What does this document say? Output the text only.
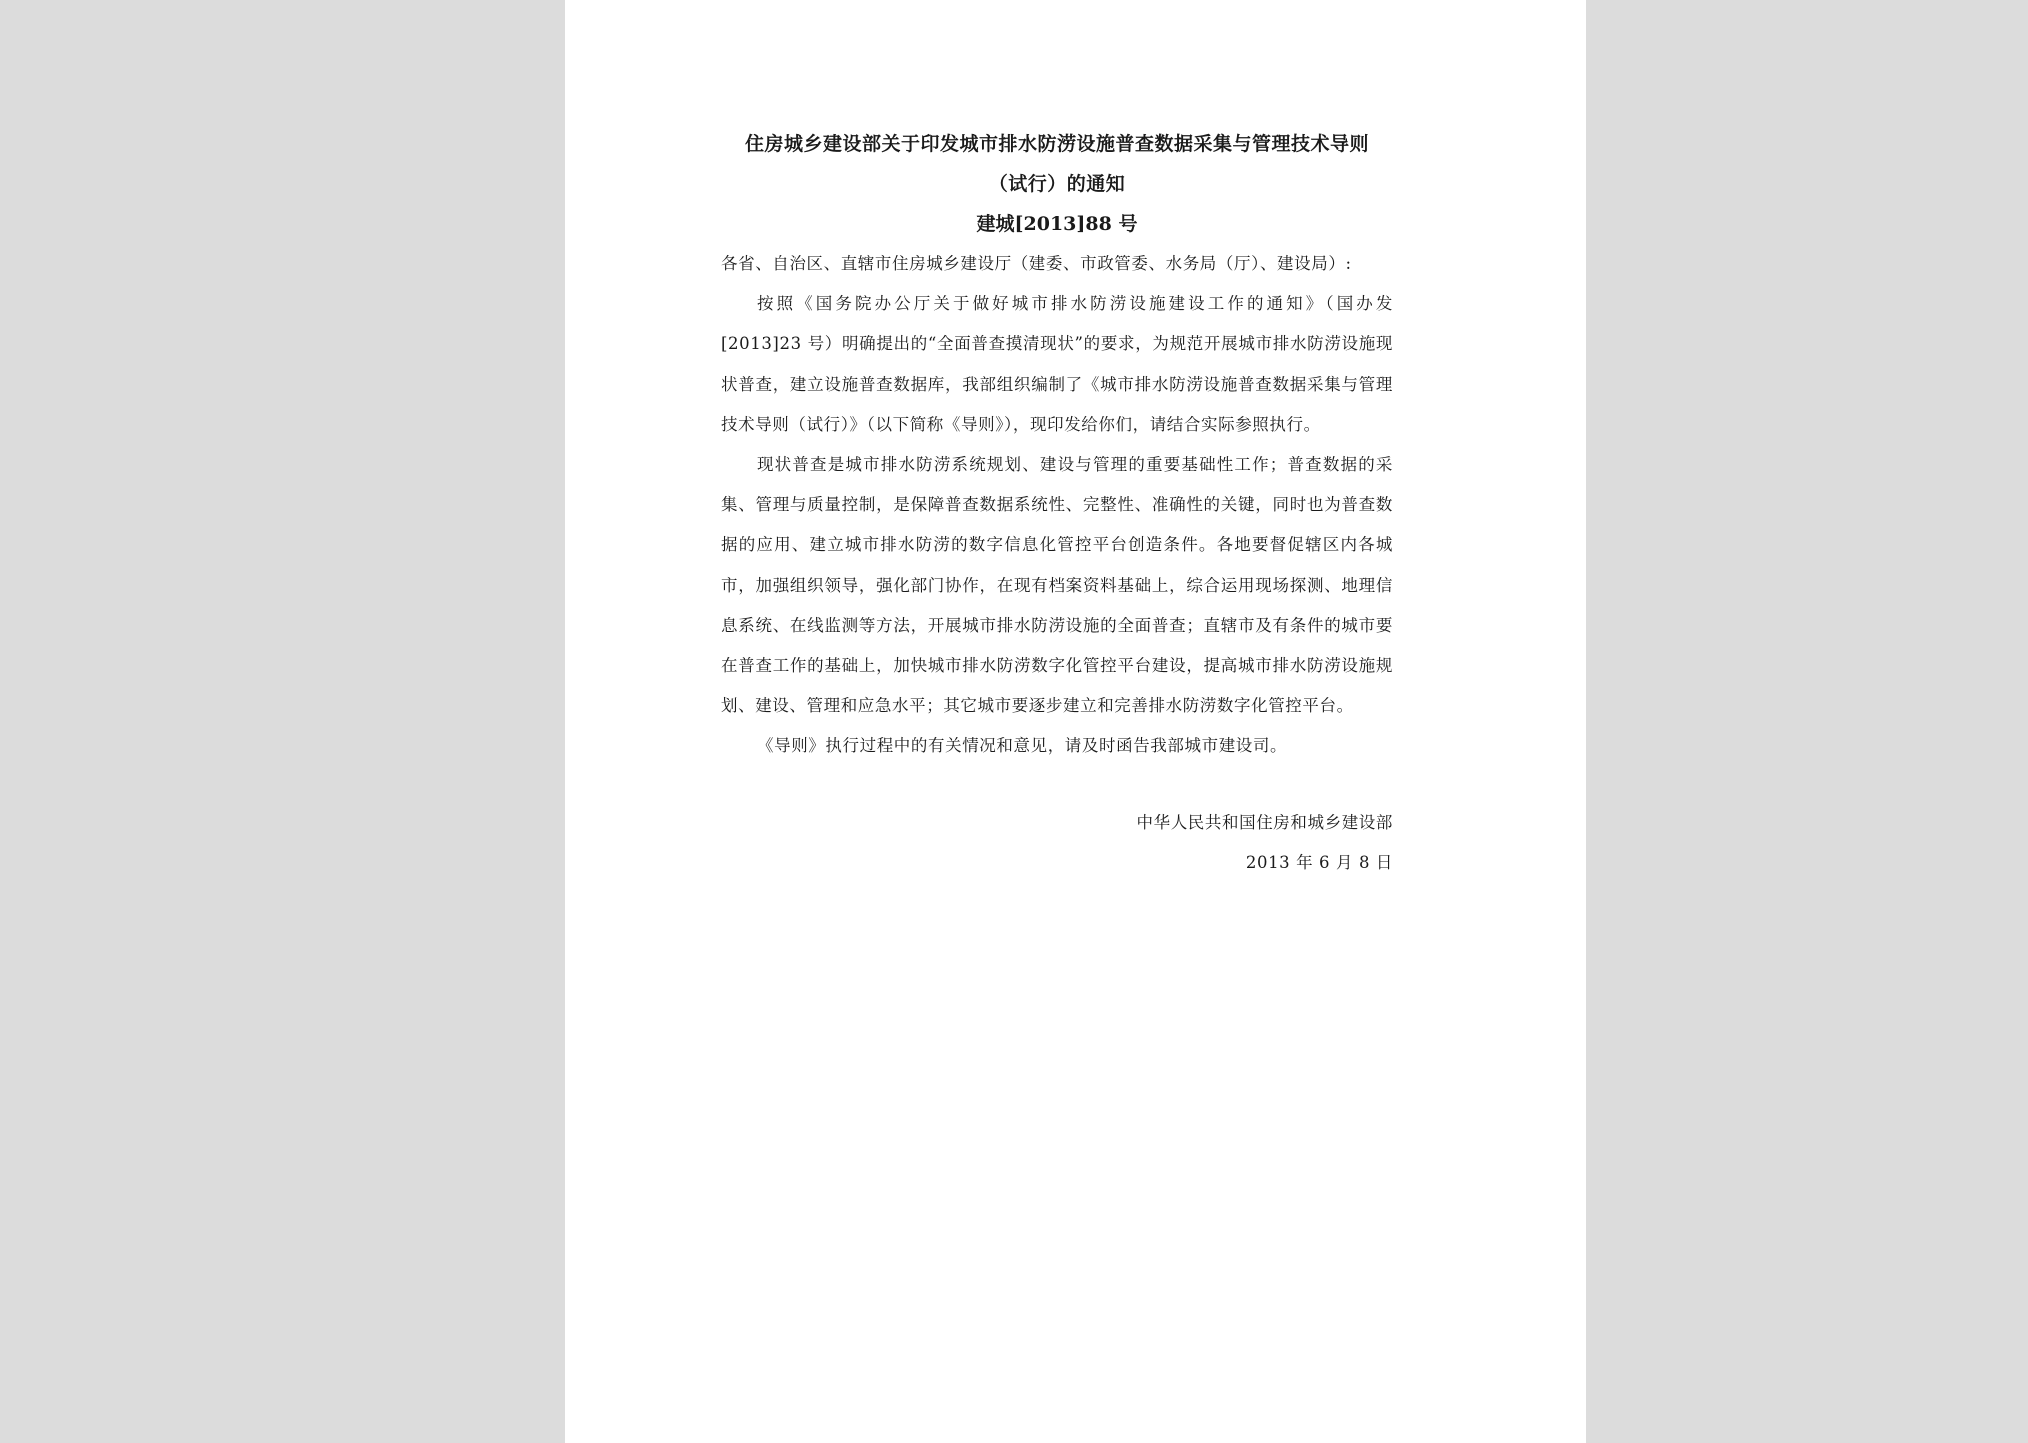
住房城乡建设部关于印发城市排水防涝设施普查数据采集与管理技术导则

（试行）的通知

建城[2013]88 号

各省、自治区、直辖市住房城乡建设厅（建委、市政管委、水务局（厅）、建设局）:

按照《国务院办公厅关于做好城市排水防涝设施建设工作的通知》（国办发[2013]23 号）明确提出的“全面普查摸清现状”的要求，为规范开展城市排水防涝设施现状普查，建立设施普查数据库，我部组织编制了《城市排水防涝设施普查数据采集与管理技术导则（试行）》（以下简称《导则》），现印发给你们，请结合实际参照执行。

现状普查是城市排水防涝系统规划、建设与管理的重要基础性工作；普查数据的采集、管理与质量控制，是保障普查数据系统性、完整性、准确性的关键，同时也为普查数据的应用、建立城市排水防涝的数字信息化管控平台创造条件。各地要督促辖区内各城市，加强组织领导，强化部门协作，在现有档案资料基础上，综合运用现场探测、地理信息系统、在线监测等方法，开展城市排水防涝设施的全面普查；直辖市及有条件的城市要在普查工作的基础上，加快城市排水防涝数字化管控平台建设，提高城市排水防涝设施规划、建设、管理和应急水平；其它城市要逐步建立和完善排水防涝数字化管控平台。

《导则》执行过程中的有关情况和意见，请及时函告我部城市建设司。

中华人民共和国住房和城乡建设部

2013 年 6 月 8 日
